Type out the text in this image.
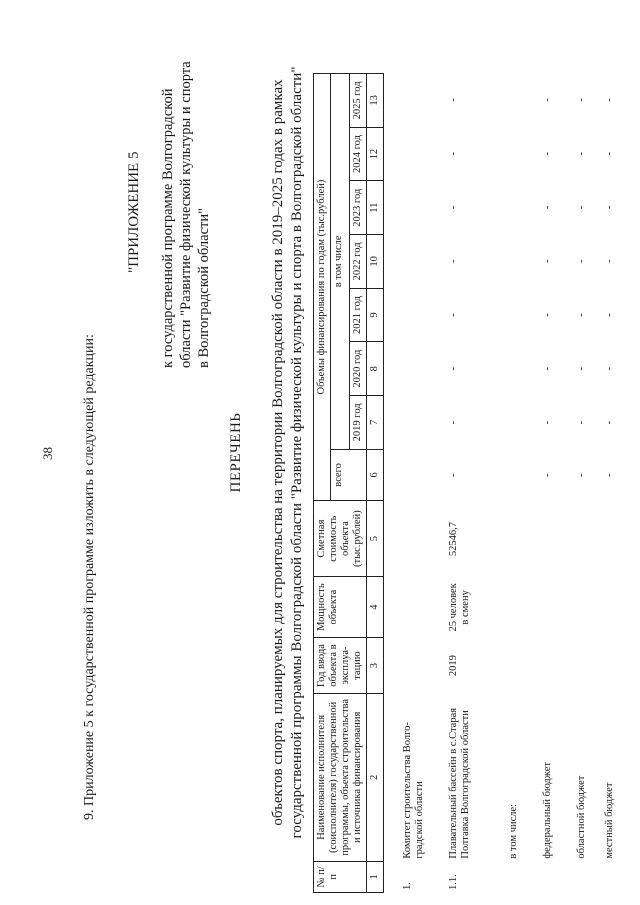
38 9. Приложение 5 к государственной программе изложить в следующей редакции:
"ПРИЛОЖЕНИЕ 5 к государственной программе Волгоградской области "Развитие физической культуры и спорта в Волгоградской области"
ПЕРЕЧЕНЬ объектов спорта, планируемых для строительства на территории Волгоградской области в 2019–2025 годах в рамках государственной программы Волгоградской области "Развитие физической культуры и спорта в Волгоградской области"
№ п/п	Наименование исполнителя (соисполнителя) государственной программы, объекта строительства и источника финансирования	Год ввода объекта в эксплуа-тацию	Мощность объекта	Сметная стоимость объекта (тыс.рублей)	Объемы финансирования по годам (тыс.рублей)							
					всего	в том числе						
						2019 год	2020 год	2021 год	2022 год	2023 год	2024 год	2025 год
1	2	3	4	5	6	7	8	9	10	11	12	13
1.	Комитет строительства Волго-градской области											
1.1.	Плавательный бассейн в с.Старая Полтавка Волгоградской области	2019	25 человек в смену	52546,7	-	-	-	-	-	-	-	-
	в том числе:											
	федеральный бюджет				-	-	-	-	-	-	-	-
	областной бюджет				-	-	-	-	-	-	-	-
	местный бюджет				-	-	-	-	-	-	-	-
